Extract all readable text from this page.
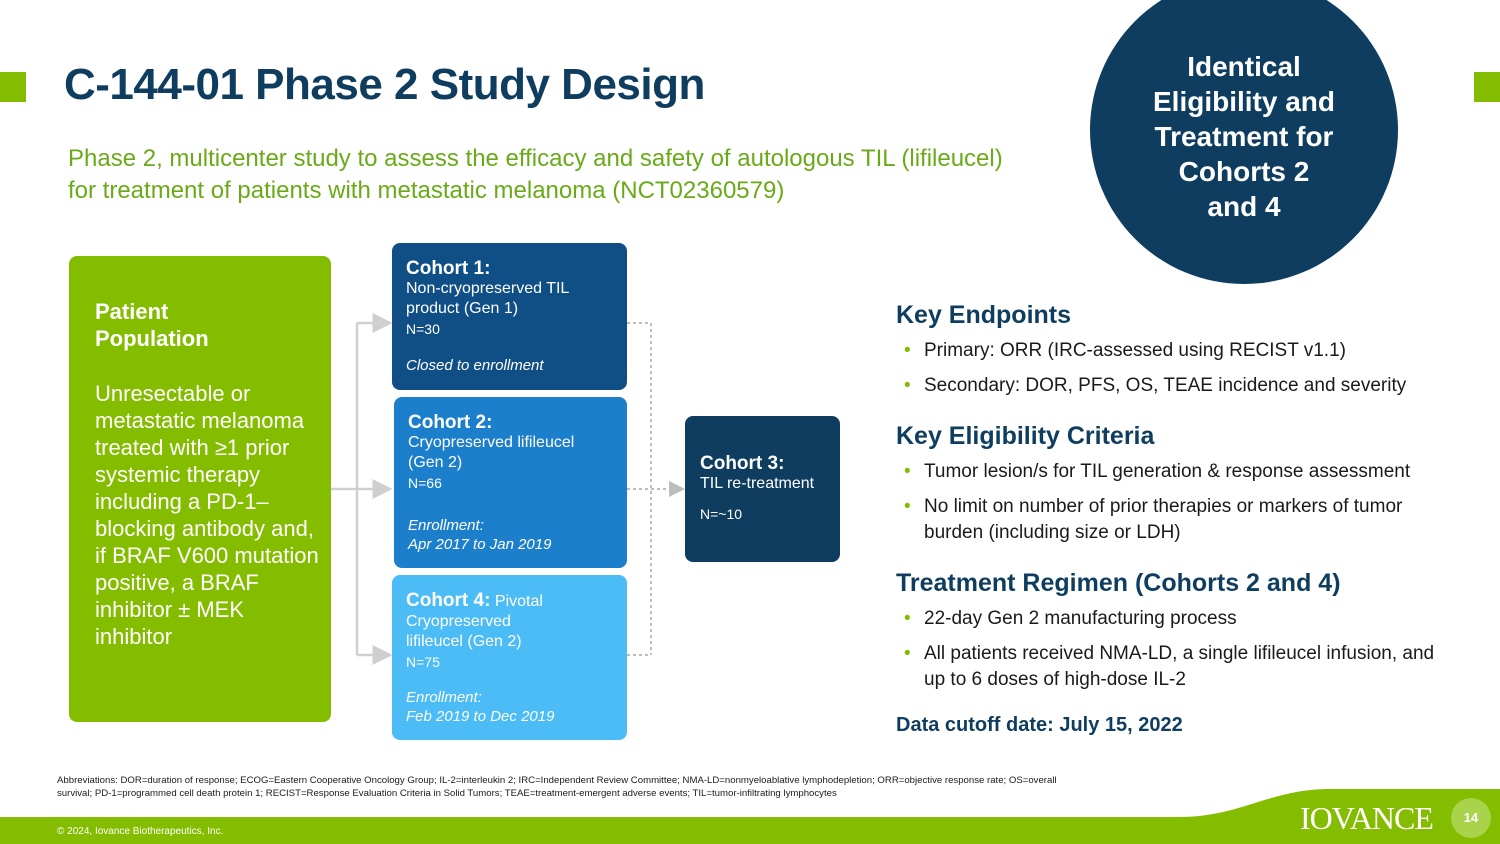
C-144-01 Phase 2 Study Design
Phase 2, multicenter study to assess the efficacy and safety of autologous TIL (lifileucel) for treatment of patients with metastatic melanoma (NCT02360579)
Identical
Eligibility and
Treatment for
Cohorts 2
and 4
Patient
Population
Unresectable or metastatic melanoma treated with ≥1 prior systemic therapy including a PD-1–blocking antibody and, if BRAF V600 mutation positive, a BRAF inhibitor ± MEK inhibitor
Cohort 1:
Non-cryopreserved TIL product (Gen 1)
N=30
Closed to enrollment
Cohort 2:
Cryopreserved lifileucel (Gen 2)
N=66
Enrollment:
Apr 2017 to Jan 2019
Cohort 4: Pivotal
Cryopreserved lifileucel (Gen 2)
N=75
Enrollment:
Feb 2019 to Dec 2019
Cohort 3:
TIL re-treatment
N=~10
Key Endpoints
• Primary: ORR (IRC-assessed using RECIST v1.1)
• Secondary: DOR, PFS, OS, TEAE incidence and severity
Key Eligibility Criteria
• Tumor lesion/s for TIL generation & response assessment
• No limit on number of prior therapies or markers of tumor burden (including size or LDH)
Treatment Regimen (Cohorts 2 and 4)
• 22-day Gen 2 manufacturing process
• All patients received NMA-LD, a single lifileucel infusion, and up to 6 doses of high-dose IL-2
Data cutoff date: July 15, 2022
Abbreviations: DOR=duration of response; ECOG=Eastern Cooperative Oncology Group; IL-2=interleukin 2; IRC=Independent Review Committee; NMA-LD=nonmyeloablative lymphodepletion; ORR=objective response rate; OS=overall survival; PD-1=programmed cell death protein 1; RECIST=Response Evaluation Criteria in Solid Tumors; TEAE=treatment-emergent adverse events; TIL=tumor-infiltrating lymphocytes
© 2024, Iovance Biotherapeutics, Inc.	IOVANCE	14
